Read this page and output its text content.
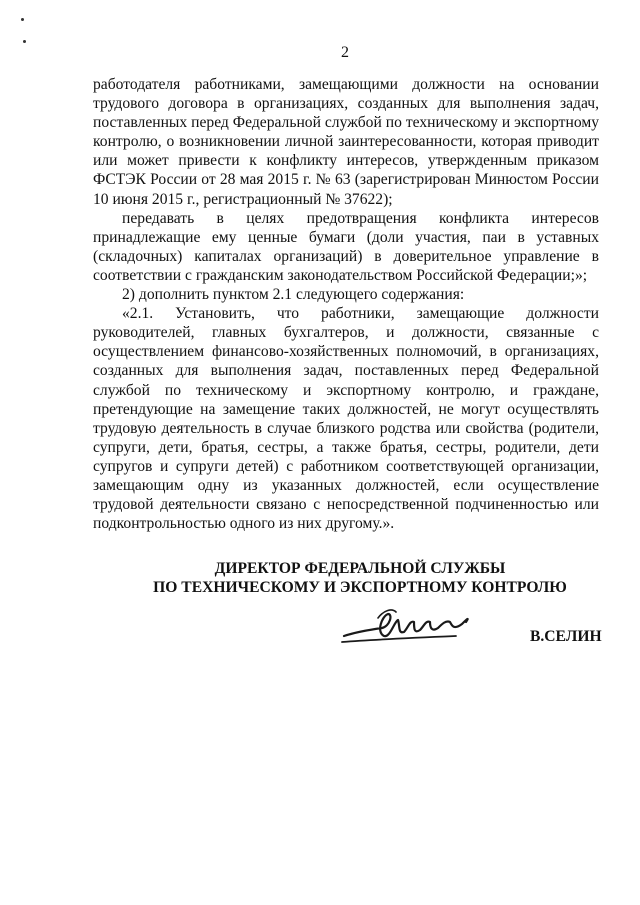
2

работодателя работниками, замещающими должности на основании трудового договора в организациях, созданных для выполнения задач, поставленных перед Федеральной службой по техническому и экспортному контролю, о возникновении личной заинтересованности, которая приводит или может привести к конфликту интересов, утвержденным приказом ФСТЭК России от 28 мая 2015 г. № 63 (зарегистрирован Минюстом России 10 июня 2015 г., регистрационный № 37622);

передавать в целях предотвращения конфликта интересов принадлежащие ему ценные бумаги (доли участия, паи в уставных (складочных) капиталах организаций) в доверительное управление в соответствии с гражданским законодательством Российской Федерации;»;

2) дополнить пунктом 2.1 следующего содержания:

«2.1. Установить, что работники, замещающие должности руководителей, главных бухгалтеров, и должности, связанные с осуществлением финансово-хозяйственных полномочий, в организациях, созданных для выполнения задач, поставленных перед Федеральной службой по техническому и экспортному контролю, и граждане, претендующие на замещение таких должностей, не могут осуществлять трудовую деятельность в случае близкого родства или свойства (родители, супруги, дети, братья, сестры, а также братья, сестры, родители, дети супругов и супруги детей) с работником соответствующей организации, замещающим одну из указанных должностей, если осуществление трудовой деятельности связано с непосредственной подчиненностью или подконтрольностью одного из них другому.».

ДИРЕКТОР ФЕДЕРАЛЬНОЙ СЛУЖБЫ
ПО ТЕХНИЧЕСКОМУ И ЭКСПОРТНОМУ КОНТРОЛЮ
В.СЕЛИН
